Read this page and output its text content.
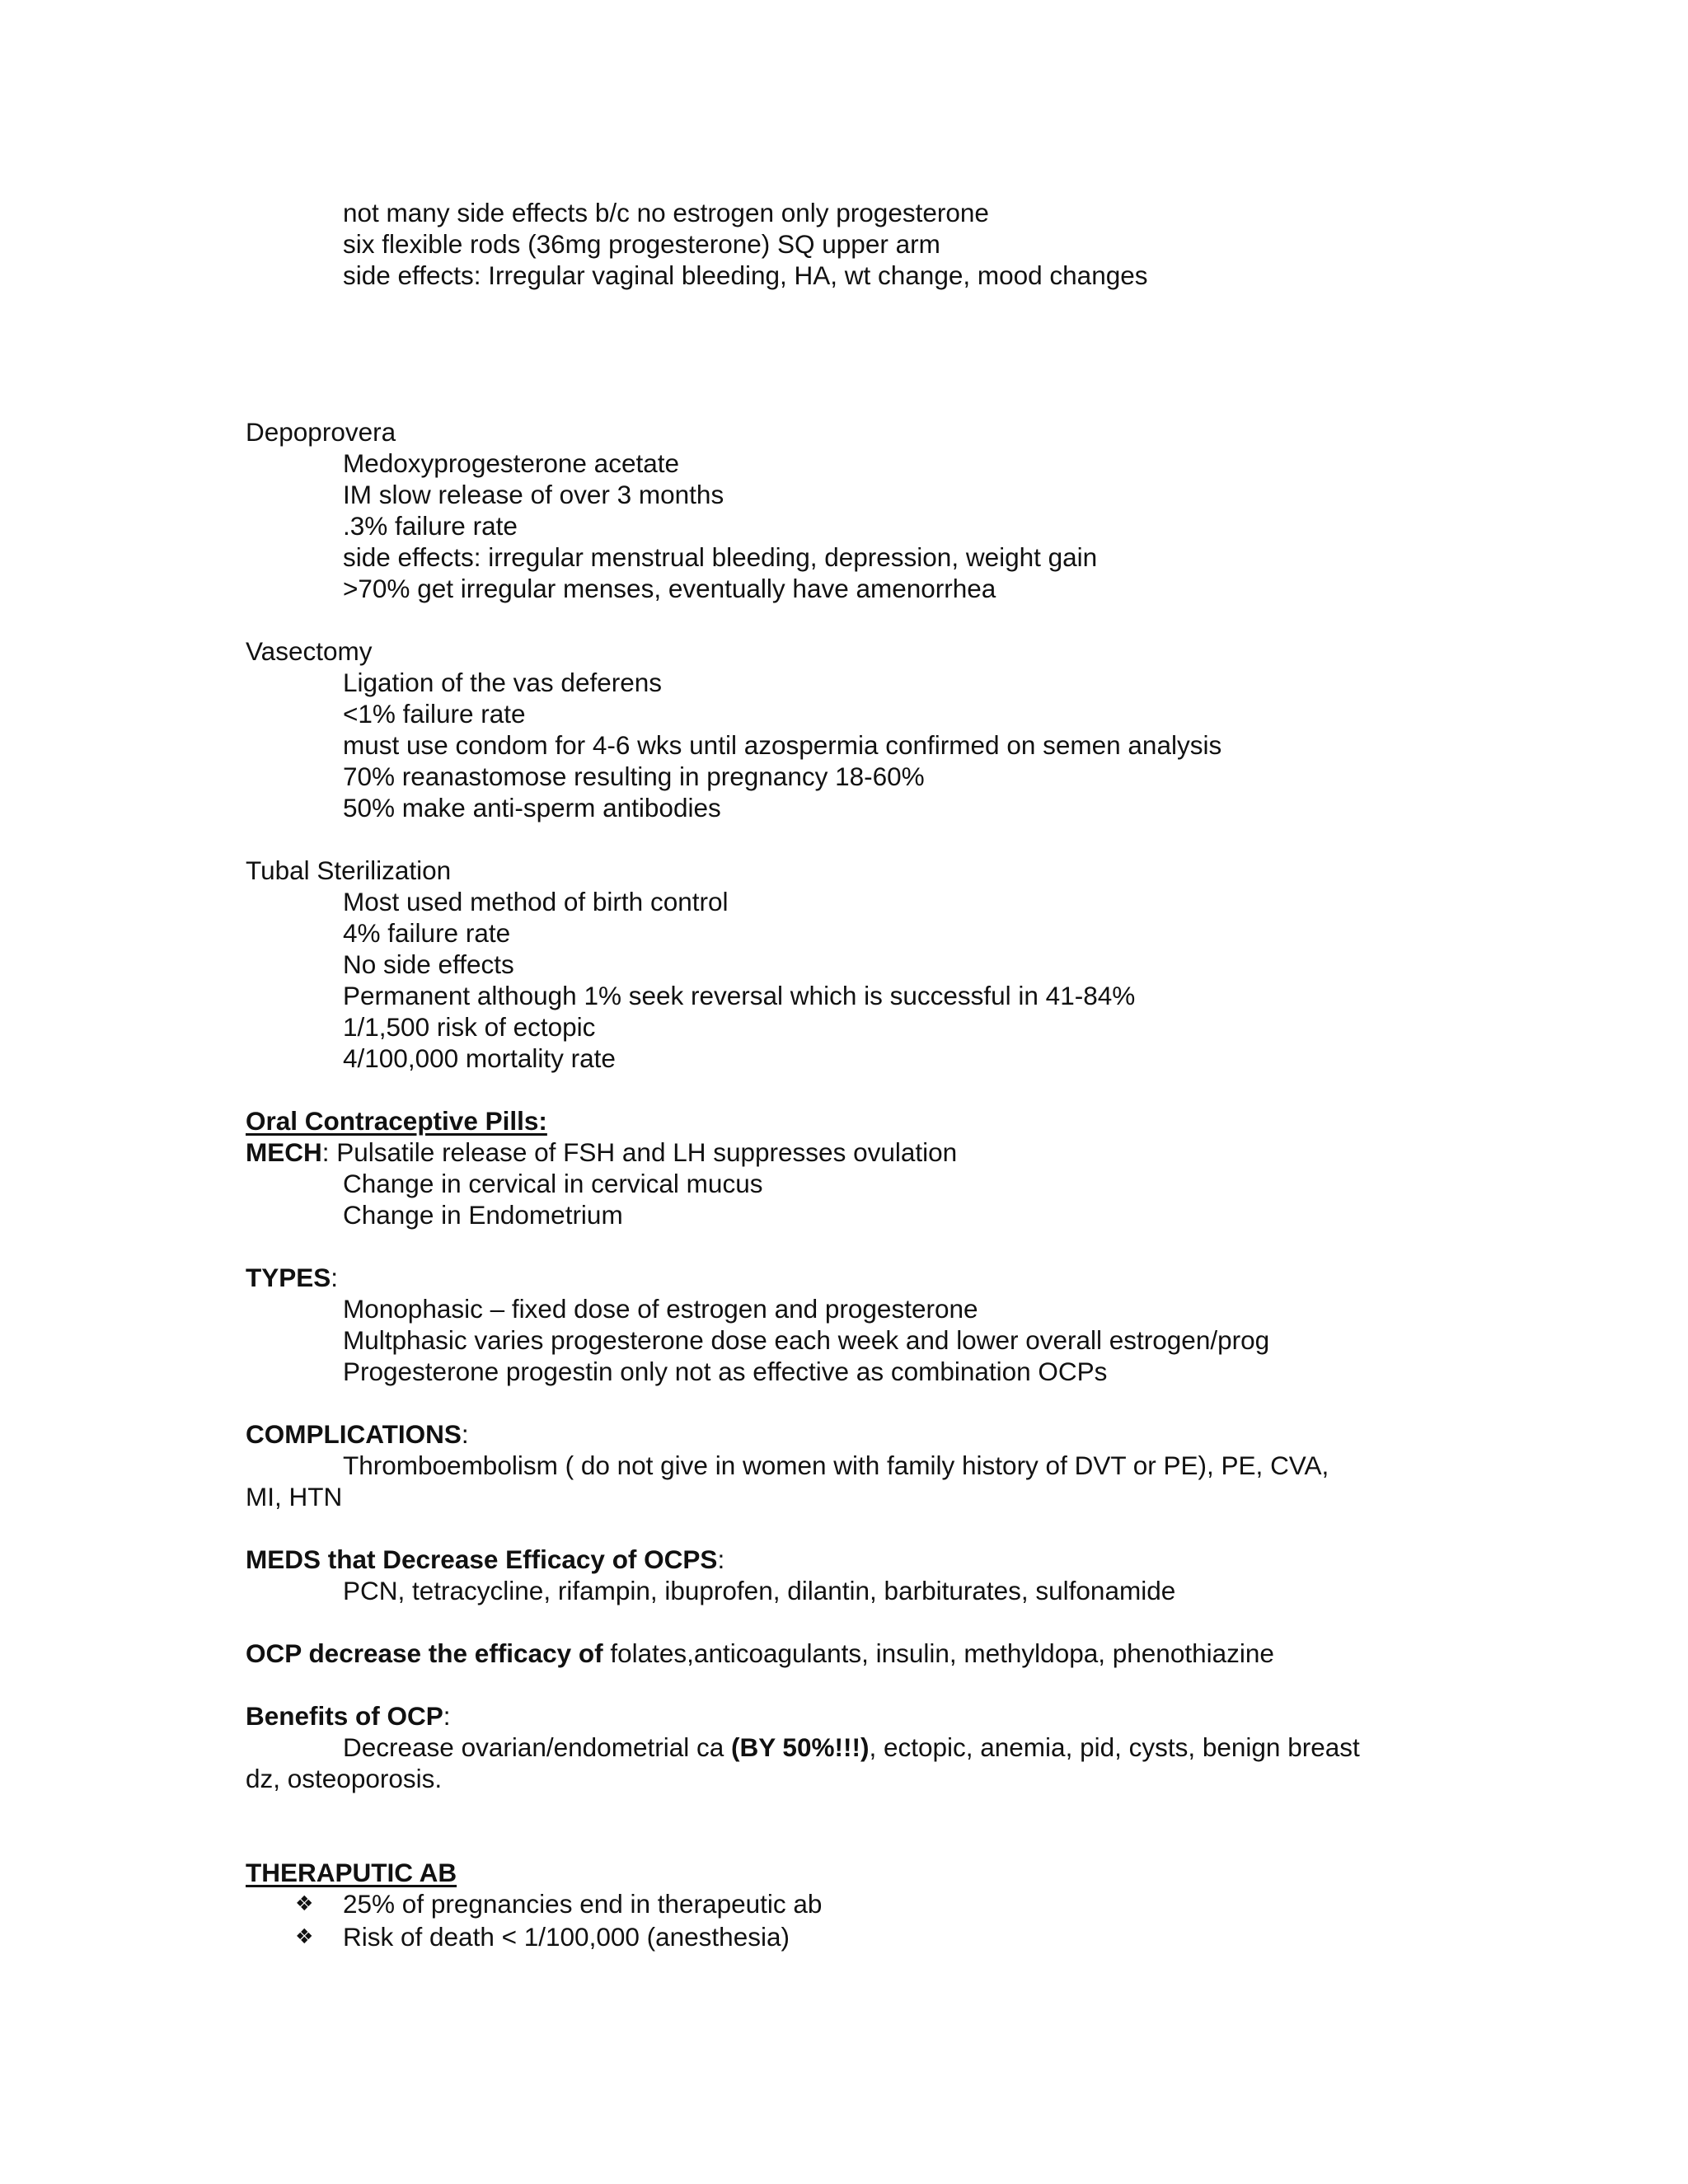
not many side effects b/c no estrogen only progesterone
six flexible rods (36mg progesterone) SQ upper arm
side effects: Irregular vaginal bleeding, HA, wt change, mood changes
Depoprovera
Medoxyprogesterone acetate
IM slow release of over 3 months
.3% failure rate
side effects: irregular menstrual bleeding, depression, weight gain
>70% get irregular menses, eventually have amenorrhea
Vasectomy
Ligation of the vas deferens
<1% failure rate
must use condom for 4-6 wks until azospermia confirmed on semen analysis
70% reanastomose resulting in pregnancy 18-60%
50% make anti-sperm antibodies
Tubal Sterilization
Most used method of birth control
4% failure rate
No side effects
Permanent although 1% seek reversal which is successful in 41-84%
1/1,500 risk of ectopic
4/100,000 mortality rate
Oral Contraceptive Pills:
MECH: Pulsatile release of FSH and LH suppresses ovulation
Change in cervical in cervical mucus
Change in Endometrium
TYPES:
Monophasic – fixed dose of estrogen and progesterone
Multphasic varies progesterone dose each week and lower overall estrogen/prog
Progesterone progestin only not as effective as combination OCPs
COMPLICATIONS:
Thromboembolism ( do not give in women with family history of DVT or PE), PE, CVA,
MI, HTN
MEDS that Decrease Efficacy of OCPS:
PCN, tetracycline, rifampin, ibuprofen, dilantin, barbiturates, sulfonamide
OCP decrease the efficacy of folates,anticoagulants, insulin, methyldopa, phenothiazine
Benefits of OCP:
Decrease ovarian/endometrial ca (BY 50%!!!), ectopic, anemia, pid, cysts, benign breast
dz, osteoporosis.
THERAPUTIC AB
❖ 25% of pregnancies end in therapeutic ab
❖ Risk of death < 1/100,000 (anesthesia)
